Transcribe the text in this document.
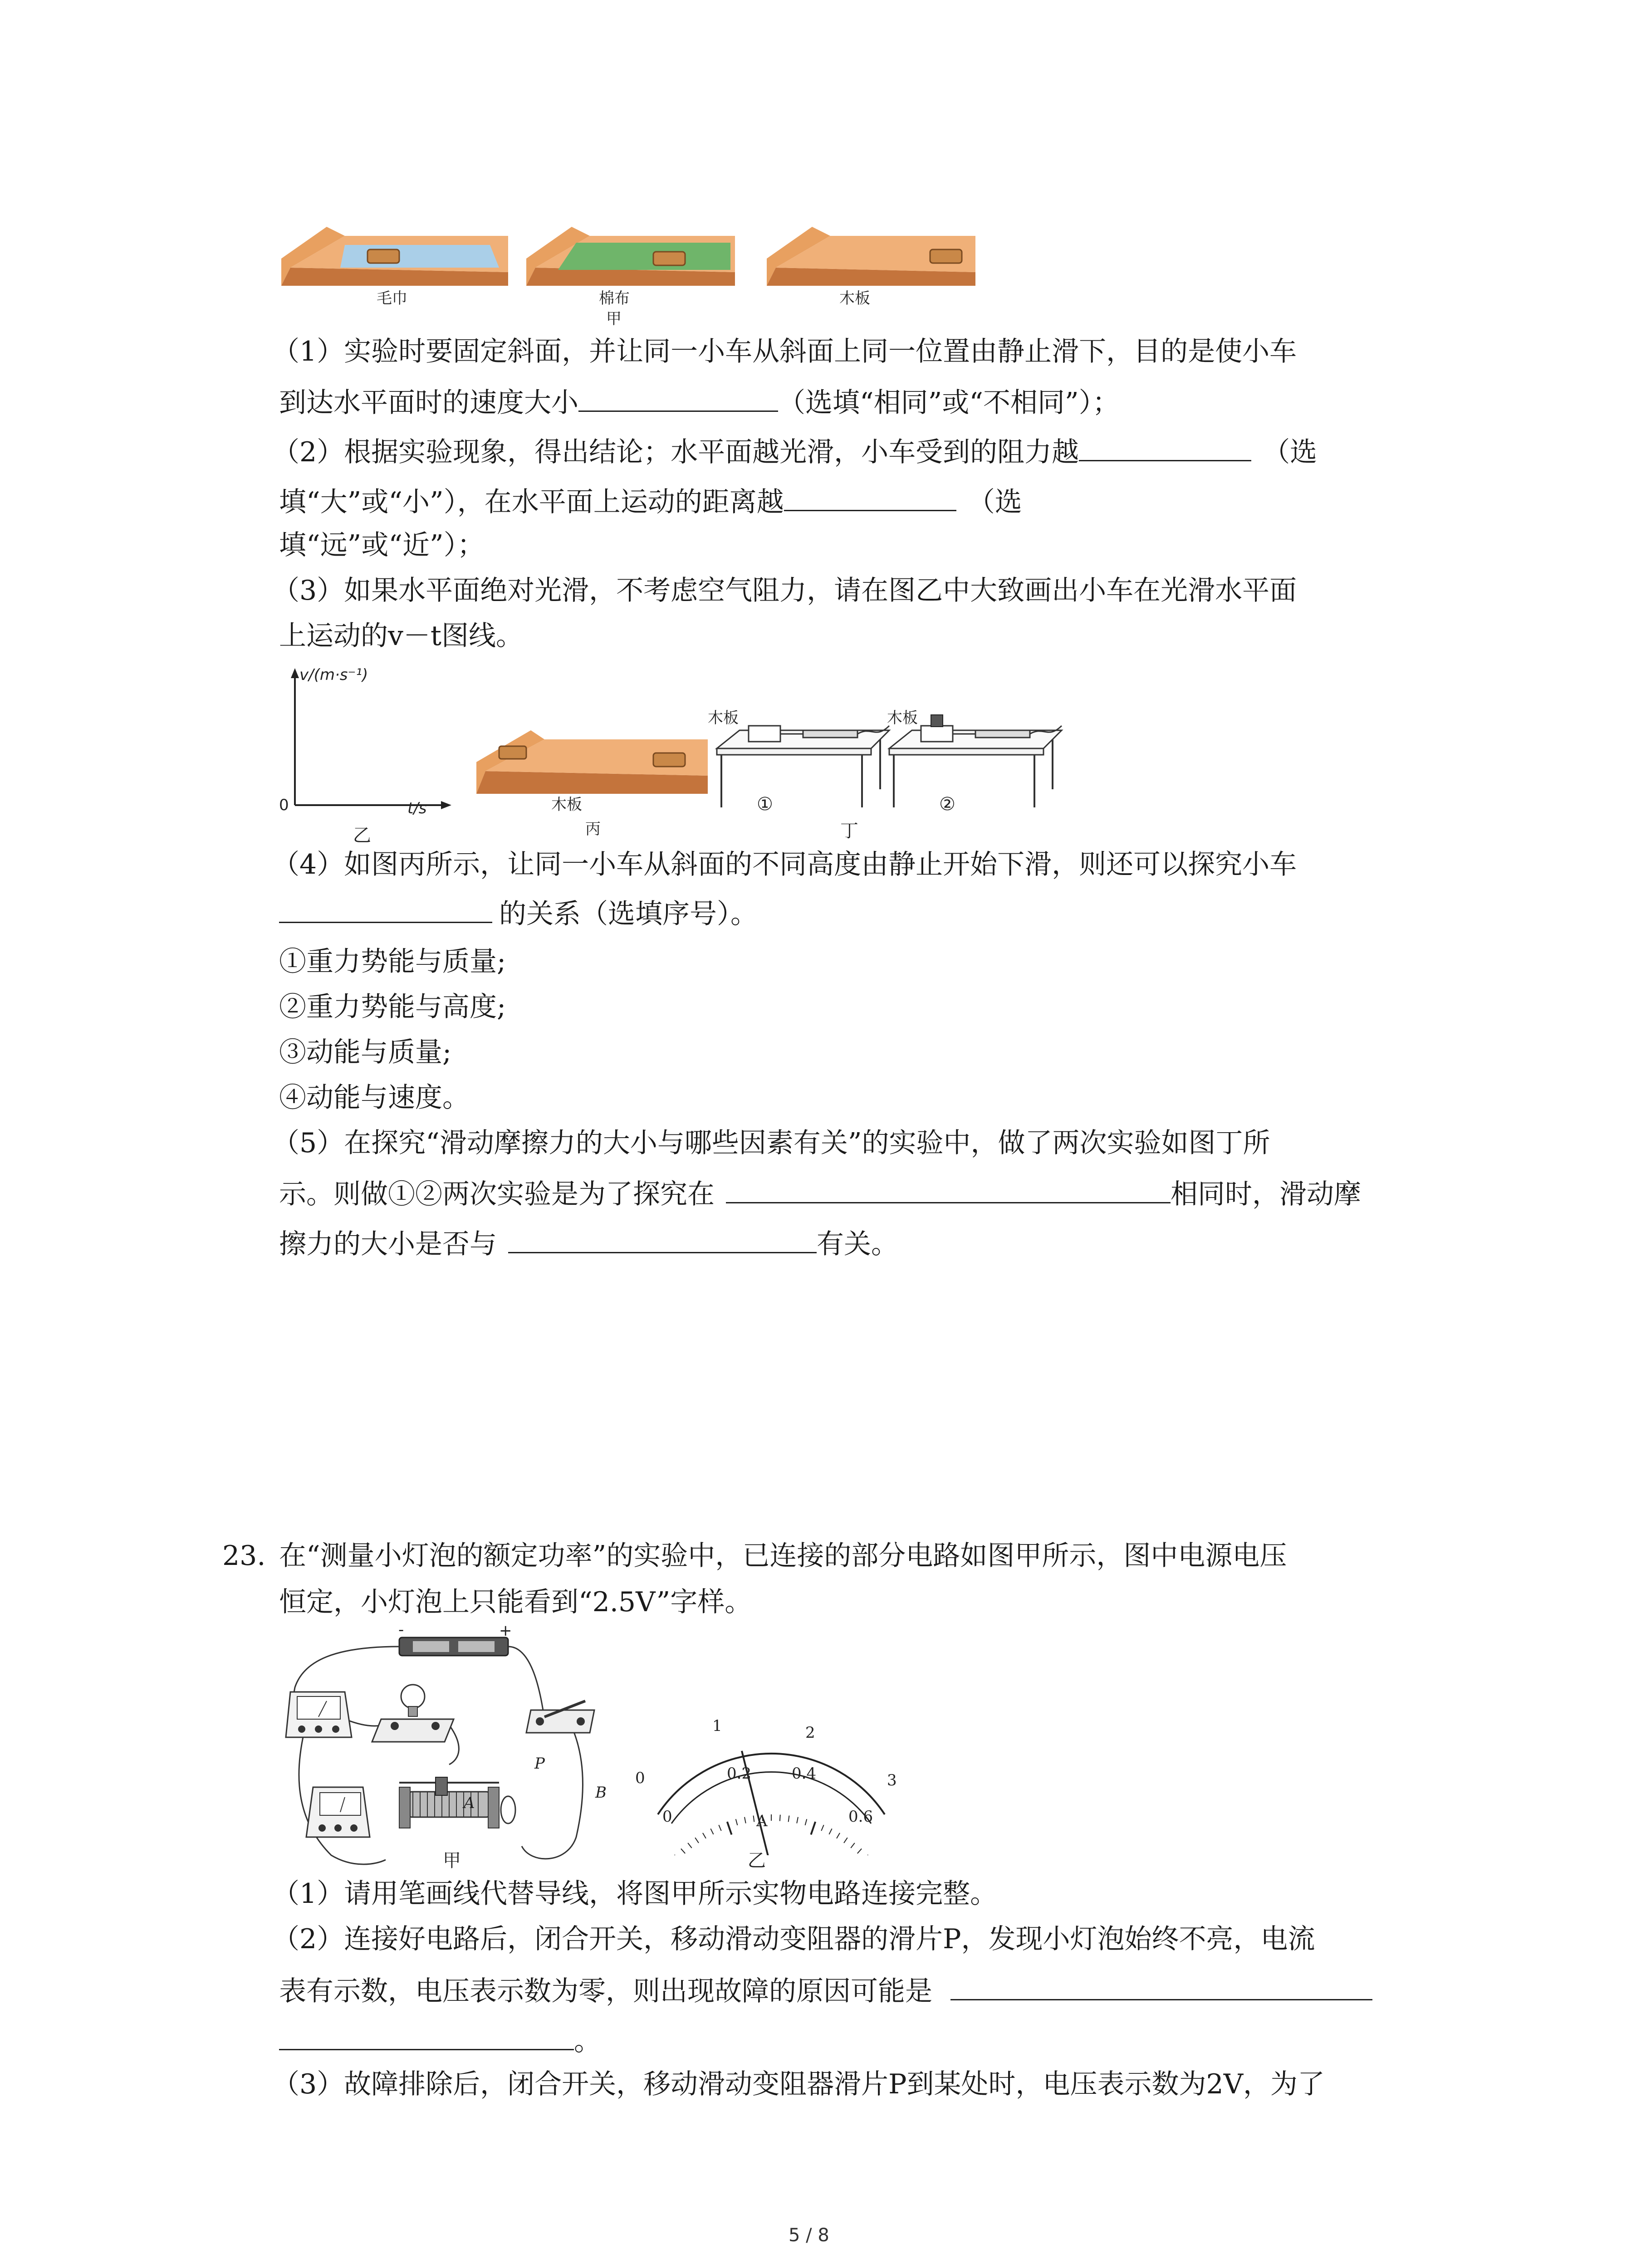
毛巾	棉布	木板
甲
（1）实验时要固定斜面，并让同一小车从斜面上同一位置由静止滑下，目的是使小车
到达水平面时的速度大小	（选填“相同”或“不相同”）；
（2）根据实验现象，得出结论；水平面越光滑，小车受到的阻力越	（选
填“大”或“小”），在水平面上运动的距离越	（选
填“远”或“近”）；
（3）如果水平面绝对光滑，不考虑空气阻力，请在图乙中大致画出小车在光滑水平面
上运动的v－t图线。
v/(m·s⁻¹)
0	t/s
乙
木板
丙
木板	木板
①	②
丁
（4）如图丙所示，让同一小车从斜面的不同高度由静止开始下滑，则还可以探究小车
的关系（选填序号）。
①重力势能与质量;
②重力势能与高度;
③动能与质量;
④动能与速度。
（5）在探究“滑动摩擦力的大小与哪些因素有关”的实验中，做了两次实验如图丁所
示。则做①②两次实验是为了探究在	相同时，滑动摩
擦力的大小是否与	有关。
23. 在“测量小灯泡的额定功率”的实验中，已连接的部分电路如图甲所示，图中电源电压
恒定，小灯泡上只能看到“2.5V”字样。
P
A
B
-	+
甲
0
1	2
3
0
0.2	0.4
0.6
A
乙
（1）请用笔画线代替导线，将图甲所示实物电路连接完整。
（2）连接好电路后，闭合开关，移动滑动变阻器的滑片P，发现小灯泡始终不亮，电流
表有示数，电压表示数为零，则出现故障的原因可能是
。
（3）故障排除后，闭合开关，移动滑动变阻器滑片P到某处时，电压表示数为2V，为了
5 / 8
